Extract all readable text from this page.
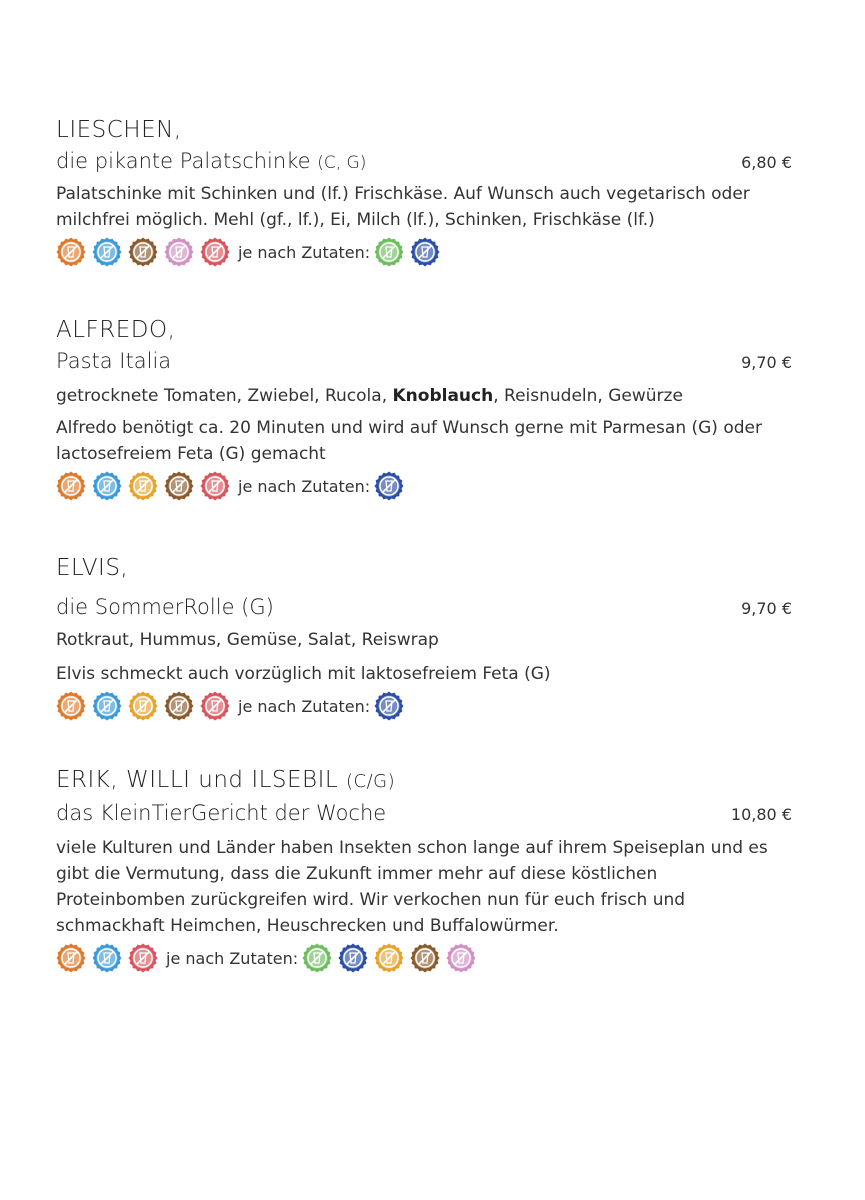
LIESCHEN,
die pikante Palatschinke (C, G)	6,80 €
Palatschinke mit Schinken und (lf.) Frischkäse. Auf Wunsch auch vegetarisch oder milchfrei möglich. Mehl (gf., lf.), Ei, Milch (lf.), Schinken, Frischkäse (lf.)
je nach Zutaten:
ALFREDO,
Pasta Italia	9,70 €
getrocknete Tomaten, Zwiebel, Rucola, Knoblauch, Reisnudeln, Gewürze
Alfredo benötigt ca. 20 Minuten und wird auf Wunsch gerne mit Parmesan (G) oder lactosefreiem Feta (G) gemacht
je nach Zutaten:
ELVIS,
die SommerRolle (G)	9,70 €
Rotkraut, Hummus, Gemüse, Salat, Reiswrap
Elvis schmeckt auch vorzüglich mit laktosefreiem Feta (G)
je nach Zutaten:
ERIK, WILLI und ILSEBIL (C/G)
das KleinTierGericht der Woche	10,80 €
viele Kulturen und Länder haben Insekten schon lange auf ihrem Speiseplan und es gibt die Vermutung, dass die Zukunft immer mehr auf diese köstlichen Proteinbomben zurückgreifen wird. Wir verkochen nun für euch frisch und schmackhaft Heimchen, Heuschrecken und Buffalowürmer.
je nach Zutaten:
